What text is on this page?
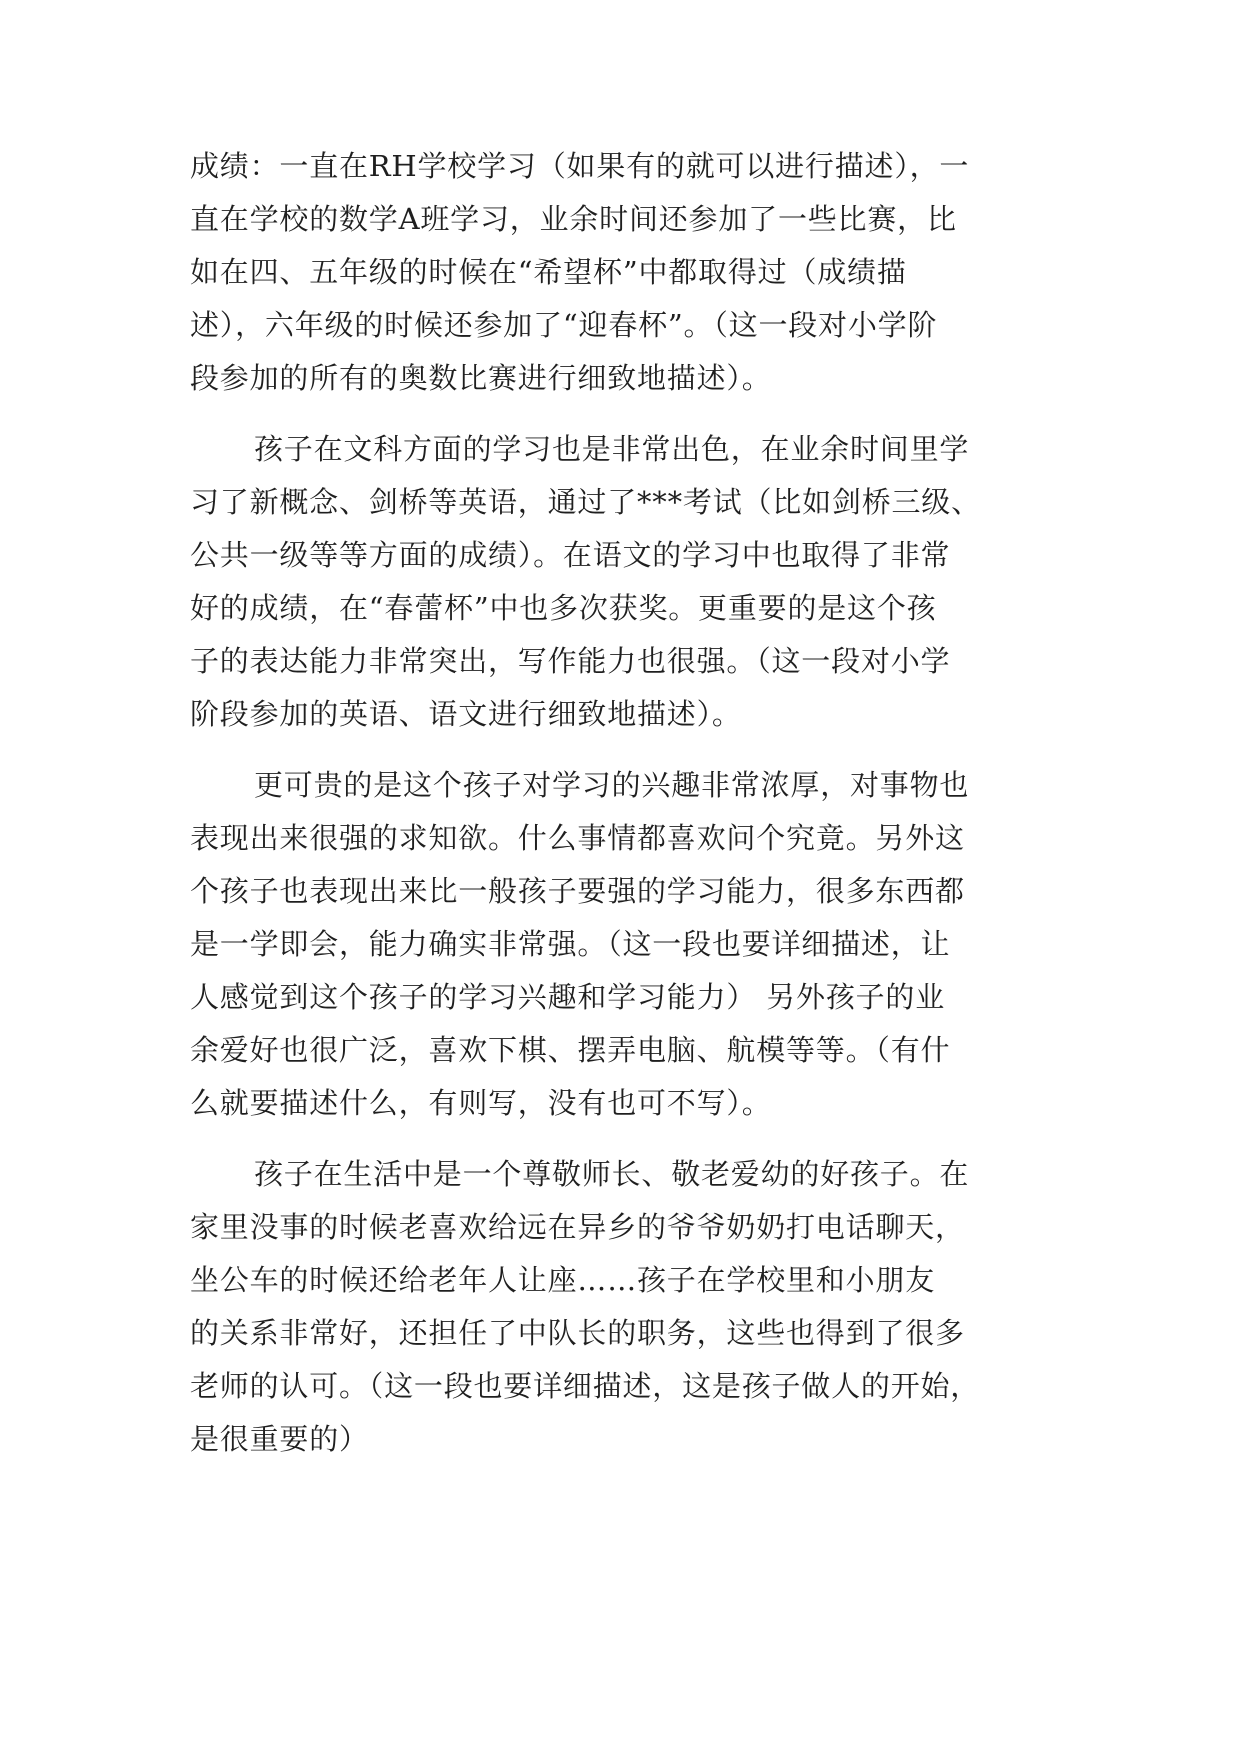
成绩：一直在RH学校学习（如果有的就可以进行描述），一
直在学校的数学A班学习，业余时间还参加了一些比赛，比
如在四、五年级的时候在“希望杯”中都取得过（成绩描
述），六年级的时候还参加了“迎春杯”。（这一段对小学阶
段参加的所有的奥数比赛进行细致地描述）。
孩子在文科方面的学习也是非常出色，在业余时间里学
习了新概念、剑桥等英语，通过了***考试（比如剑桥三级、
公共一级等等方面的成绩）。在语文的学习中也取得了非常
好的成绩，在“春蕾杯”中也多次获奖。更重要的是这个孩
子的表达能力非常突出，写作能力也很强。（这一段对小学
阶段参加的英语、语文进行细致地描述）。
更可贵的是这个孩子对学习的兴趣非常浓厚，对事物也
表现出来很强的求知欲。什么事情都喜欢问个究竟。另外这
个孩子也表现出来比一般孩子要强的学习能力，很多东西都
是一学即会，能力确实非常强。（这一段也要详细描述，让
人感觉到这个孩子的学习兴趣和学习能力） 另外孩子的业
余爱好也很广泛，喜欢下棋、摆弄电脑、航模等等。（有什
么就要描述什么，有则写，没有也可不写）。
孩子在生活中是一个尊敬师长、敬老爱幼的好孩子。在
家里没事的时候老喜欢给远在异乡的爷爷奶奶打电话聊天，
坐公车的时候还给老年人让座……孩子在学校里和小朋友
的关系非常好，还担任了中队长的职务，这些也得到了很多
老师的认可。（这一段也要详细描述，这是孩子做人的开始，
是很重要的）
